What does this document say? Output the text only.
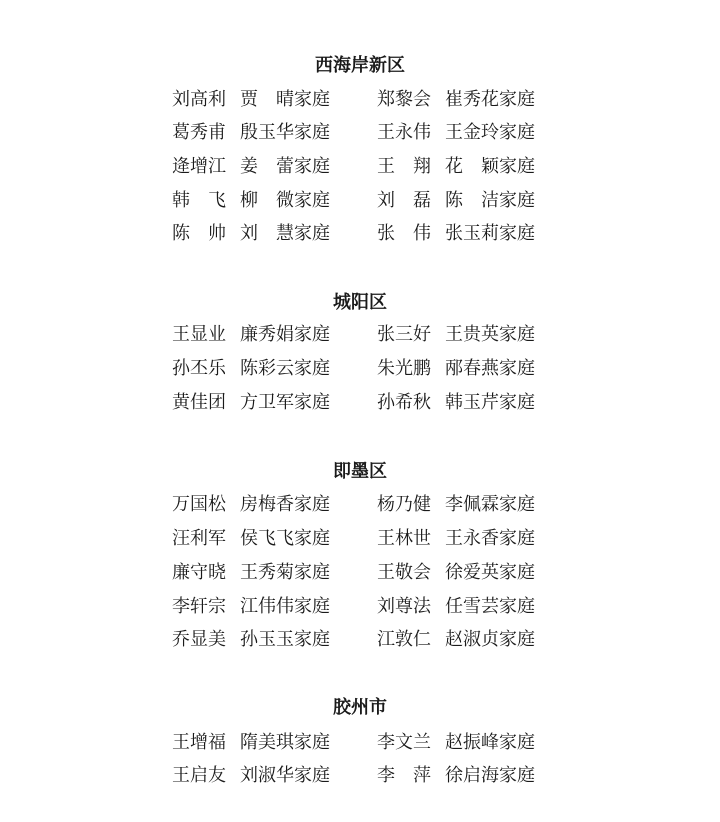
西海岸新区
刘高利 贾　晴家庭	郑黎会 崔秀花家庭
葛秀甫 殷玉华家庭	王永伟 王金玲家庭
逄增江 姜　蕾家庭	王　翔 花　颖家庭
韩　飞 柳　微家庭	刘　磊 陈　洁家庭
陈　帅 刘　慧家庭	张　伟 张玉莉家庭
城阳区
王显业 廉秀娟家庭	张三好 王贵英家庭
孙丕乐 陈彩云家庭	朱光鹏 邴春燕家庭
黄佳团 方卫军家庭	孙希秋 韩玉芹家庭
即墨区
万国松 房梅香家庭	杨乃健 李佩霖家庭
汪利军 侯飞飞家庭	王林世 王永香家庭
廉守晓 王秀菊家庭	王敬会 徐爱英家庭
李轩宗 江伟伟家庭	刘尊法 任雪芸家庭
乔显美 孙玉玉家庭	江敦仁 赵淑贞家庭
胶州市
王增福 隋美琪家庭	李文兰 赵振峰家庭
王启友 刘淑华家庭	李　萍 徐启海家庭
